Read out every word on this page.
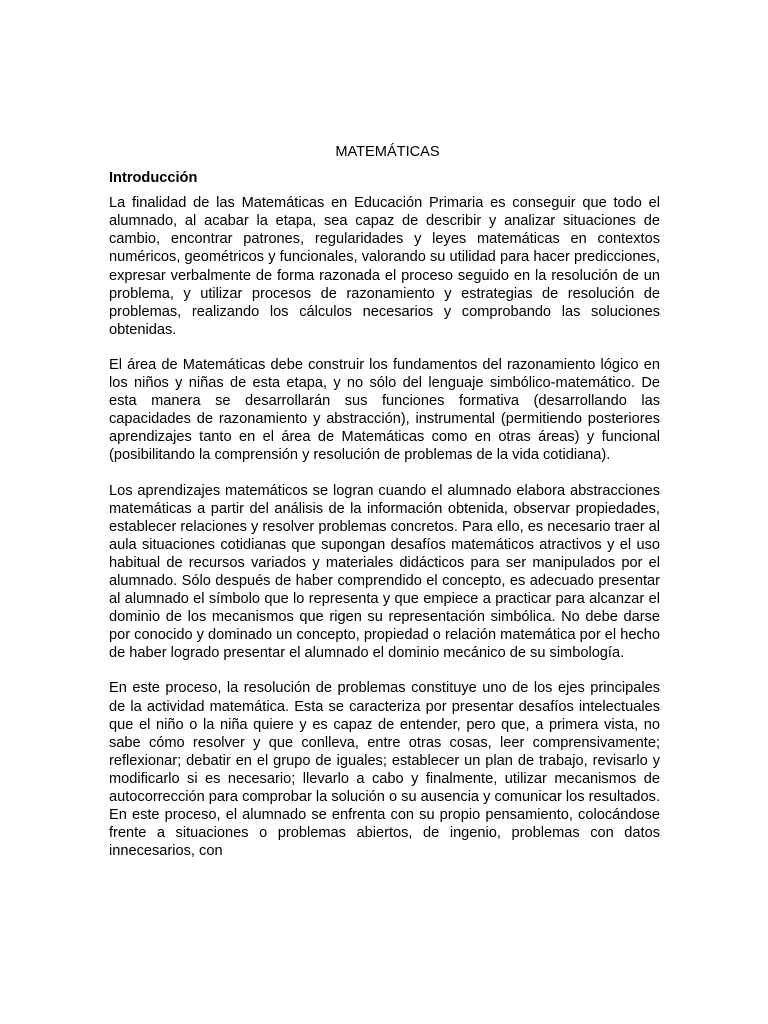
MATEMÁTICAS
Introducción

La finalidad de las Matemáticas en Educación Primaria es conseguir que todo el alumnado, al acabar la etapa, sea capaz de describir y analizar situaciones de cambio, encontrar patrones, regularidades y leyes matemáticas en contextos numéricos, geométricos y funcionales, valorando su utilidad para hacer predicciones, expresar verbalmente de forma razonada el proceso seguido en la resolución de un problema, y utilizar procesos de razonamiento y estrategias de resolución de problemas, realizando los cálculos necesarios y comprobando las soluciones obtenidas.

El área de Matemáticas debe construir los fundamentos del razonamiento lógico en los niños y niñas de esta etapa, y no sólo del lenguaje simbólico-matemático. De esta manera se desarrollarán sus funciones formativa (desarrollando las capacidades de razonamiento y abstracción), instrumental (permitiendo posteriores aprendizajes tanto en el área de Matemáticas como en otras áreas) y funcional (posibilitando la comprensión y resolución de problemas de la vida cotidiana).

Los aprendizajes matemáticos se logran cuando el alumnado elabora abstracciones matemáticas a partir del análisis de la información obtenida, observar propiedades, establecer relaciones y resolver problemas concretos. Para ello, es necesario traer al aula situaciones cotidianas que supongan desafíos matemáticos atractivos y el uso habitual de recursos variados y materiales didácticos para ser manipulados por el alumnado. Sólo después de haber comprendido el concepto, es adecuado presentar al alumnado el símbolo que lo representa y que empiece a practicar para alcanzar el dominio de los mecanismos que rigen su representación simbólica. No debe darse por conocido y dominado un concepto, propiedad o relación matemática por el hecho de haber logrado presentar el alumnado el dominio mecánico de su simbología.

En este proceso, la resolución de problemas constituye uno de los ejes principales de la actividad matemática. Esta se caracteriza por presentar desafíos intelectuales que el niño o la niña quiere y es capaz de entender, pero que, a primera vista, no sabe cómo resolver y que conlleva, entre otras cosas, leer comprensivamente; reflexionar; debatir en el grupo de iguales; establecer un plan de trabajo, revisarlo y modificarlo si es necesario; llevarlo a cabo y finalmente, utilizar mecanismos de autocorrección para comprobar la solución o su ausencia y comunicar los resultados. En este proceso, el alumnado se enfrenta con su propio pensamiento, colocándose frente a situaciones o problemas abiertos, de ingenio, problemas con datos innecesarios, con
